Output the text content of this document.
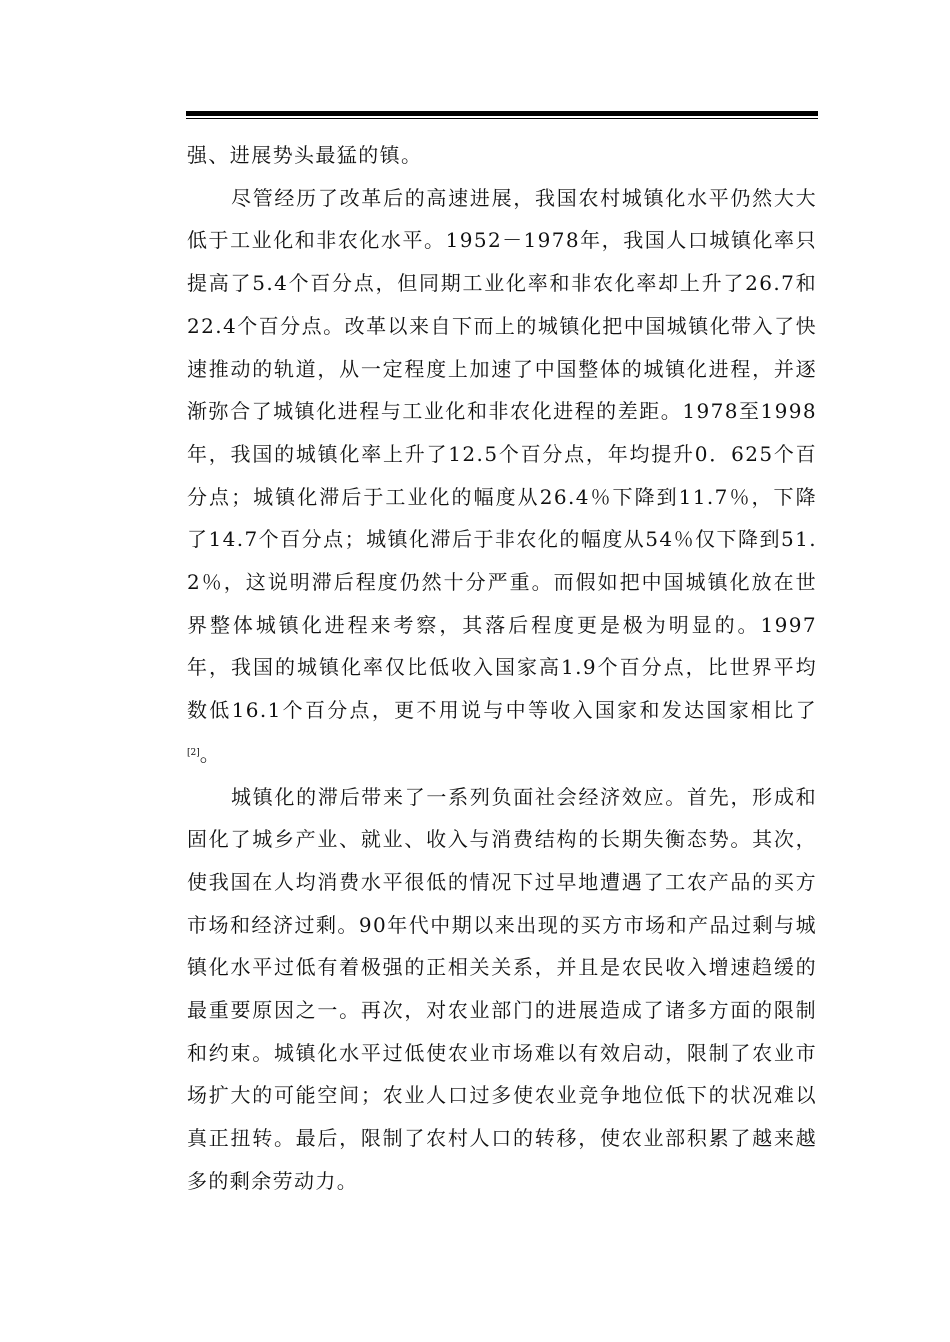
强、进展势头最猛的镇。

尽管经历了改革后的高速进展，我国农村城镇化水平仍然大大低于工业化和非农化水平。1952－1978年，我国人口城镇化率只提高了5.4个百分点，但同期工业化率和非农化率却上升了26.7和22.4个百分点。改革以来自下而上的城镇化把中国城镇化带入了快速推动的轨道，从一定程度上加速了中国整体的城镇化进程，并逐渐弥合了城镇化进程与工业化和非农化进程的差距。1978至1998年，我国的城镇化率上升了12.5个百分点，年均提升0．625个百分点；城镇化滞后于工业化的幅度从26.4％下降到11.7％，下降了14.7个百分点；城镇化滞后于非农化的幅度从54％仅下降到51.2％，这说明滞后程度仍然十分严重。而假如把中国城镇化放在世界整体城镇化进程来考察，其落后程度更是极为明显的。1997年，我国的城镇化率仅比低收入国家高1.9个百分点，比世界平均数低16.1个百分点，更不用说与中等收入国家和发达国家相比了[2]。

城镇化的滞后带来了一系列负面社会经济效应。首先，形成和固化了城乡产业、就业、收入与消费结构的长期失衡态势。其次，使我国在人均消费水平很低的情况下过早地遭遇了工农产品的买方市场和经济过剩。90年代中期以来出现的买方市场和产品过剩与城镇化水平过低有着极强的正相关关系，并且是农民收入增速趋缓的最重要原因之一。再次，对农业部门的进展造成了诸多方面的限制和约束。城镇化水平过低使农业市场难以有效启动，限制了农业市场扩大的可能空间；农业人口过多使农业竞争地位低下的状况难以真正扭转。最后，限制了农村人口的转移，使农业部积累了越来越多的剩余劳动力。
